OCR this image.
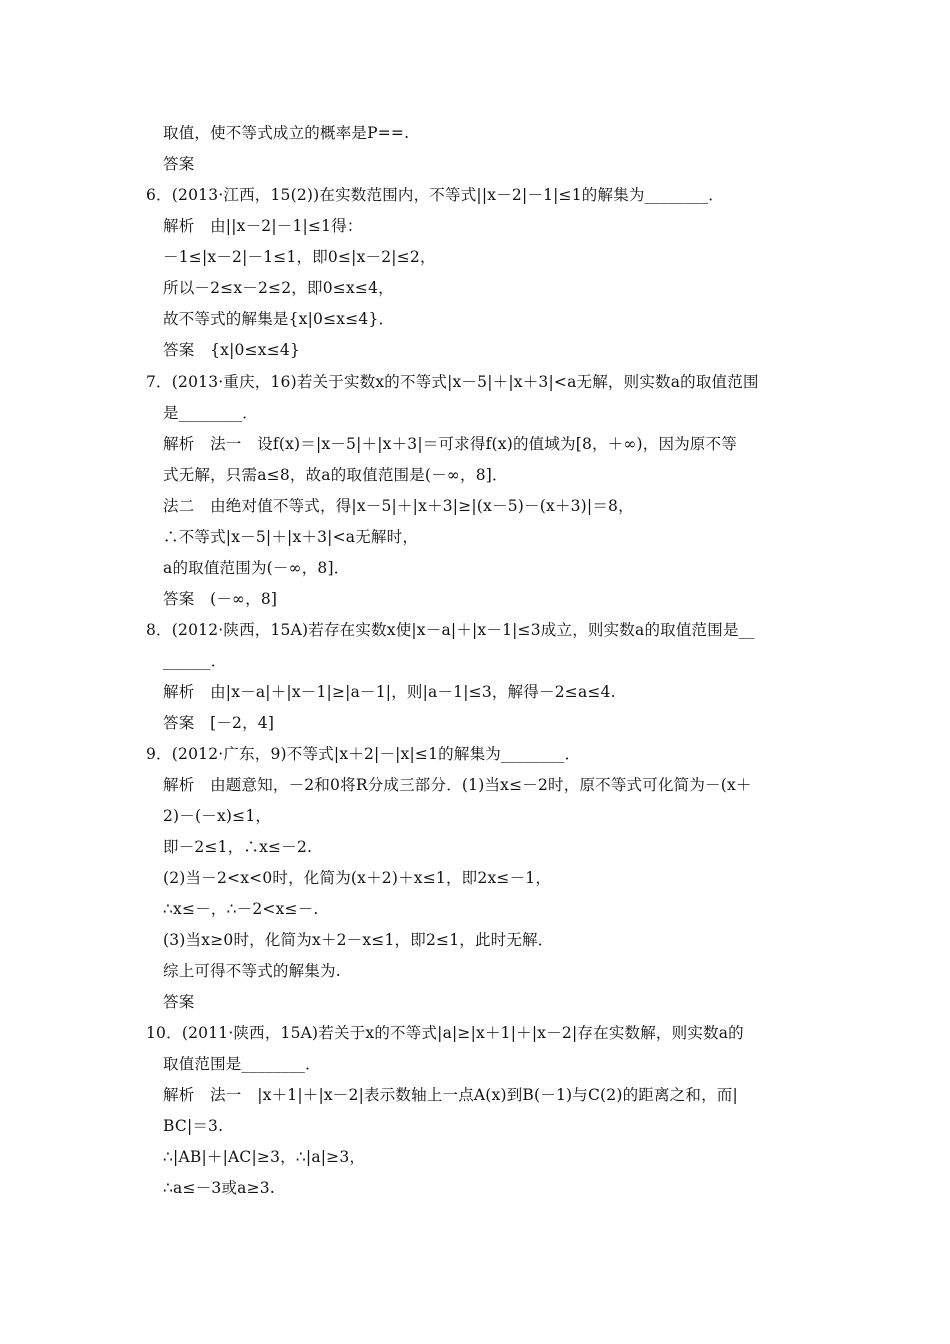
取值，使不等式成立的概率是P==.
答案
6．(2013·江西，15(2))在实数范围内，不等式||x－2|－1|≤1的解集为________．
解析　由||x－2|－1|≤1得：
－1≤|x－2|－1≤1，即0≤|x－2|≤2，
所以－2≤x－2≤2，即0≤x≤4，
故不等式的解集是{x|0≤x≤4}．
答案　{x|0≤x≤4}
7．(2013·重庆，16)若关于实数x的不等式|x－5|＋|x＋3|<a无解，则实数a的取值范围
是________．
解析　法一　设f(x)＝|x－5|＋|x＋3|＝可求得f(x)的值域为[8，＋∞)，因为原不等
式无解，只需a≤8，故a的取值范围是(－∞，8]．
法二　由绝对值不等式，得|x－5|＋|x＋3|≥|(x－5)－(x＋3)|＝8，
∴不等式|x－5|＋|x＋3|<a无解时，
a的取值范围为(－∞，8]．
答案　(－∞，8]
8．(2012·陕西，15A)若存在实数x使|x－a|＋|x－1|≤3成立，则实数a的取值范围是__
______．
解析　由|x－a|＋|x－1|≥|a－1|，则|a－1|≤3，解得－2≤a≤4.
答案　[－2，4]
9．(2012·广东，9)不等式|x＋2|－|x|≤1的解集为________．
解析　由题意知，－2和0将R分成三部分．(1)当x≤－2时，原不等式可化简为－(x＋
2)－(－x)≤1，
即－2≤1，∴x≤－2.
(2)当－2<x<0时，化简为(x＋2)＋x≤1，即2x≤－1，
∴x≤－，∴－2<x≤－.
(3)当x≥0时，化简为x＋2－x≤1，即2≤1，此时无解．
综上可得不等式的解集为.
答案
10．(2011·陕西，15A)若关于x的不等式|a|≥|x＋1|＋|x－2|存在实数解，则实数a的
取值范围是________．
解析　法一　|x＋1|＋|x－2|表示数轴上一点A(x)到B(－1)与C(2)的距离之和，而|
BC|＝3.
∴|AB|＋|AC|≥3，∴|a|≥3，
∴a≤－3或a≥3.
